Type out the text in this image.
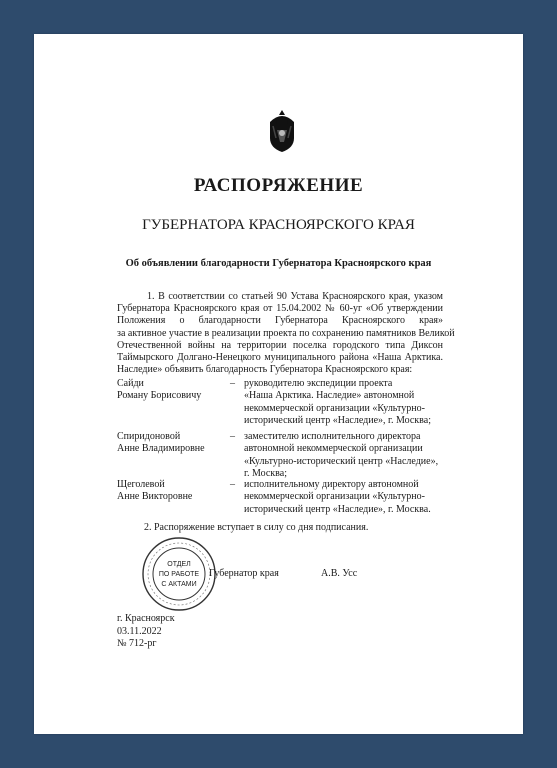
РАСПОРЯЖЕНИЕ
ГУБЕРНАТОРА КРАСНОЯРСКОГО КРАЯ
Об объявлении благодарности Губернатора Красноярского края
1. В соответствии со статьей 90 Устава Красноярского края, указом
Губернатора Красноярского края от 15.04.2002 № 60-уг «Об утверждении
Положения о благодарности Губернатора Красноярского края»
за активное участие в реализации проекта по сохранению памятников Великой
Отечественной войны на территории поселка городского типа Диксон
Таймырского Долгано-Ненецкого муниципального района «Наша Арктика.
Наследие» объявить благодарность Губернатора Красноярского края:
Сайди
Роману Борисовичу
– руководителю экспедиции проекта
«Наша Арктика. Наследие» автономной
некоммерческой организации «Культурно-
исторический центр «Наследие», г. Москва;
Спиридоновой
Анне Владимировне
– заместителю исполнительного директора
автономной некоммерческой организации
«Культурно-исторический центр «Наследие»,
г. Москва;
Щеголевой
Анне Викторовне
– исполнительному директору автономной
некоммерческой организации «Культурно-
исторический центр «Наследие», г. Москва.
2. Распоряжение вступает в силу со дня подписания.
ОТДЕЛ
ПО РАБОТЕ
С АКТАМИ
Губернатор края	А.В. Усс
г. Красноярск
03.11.2022
№ 712-рг
